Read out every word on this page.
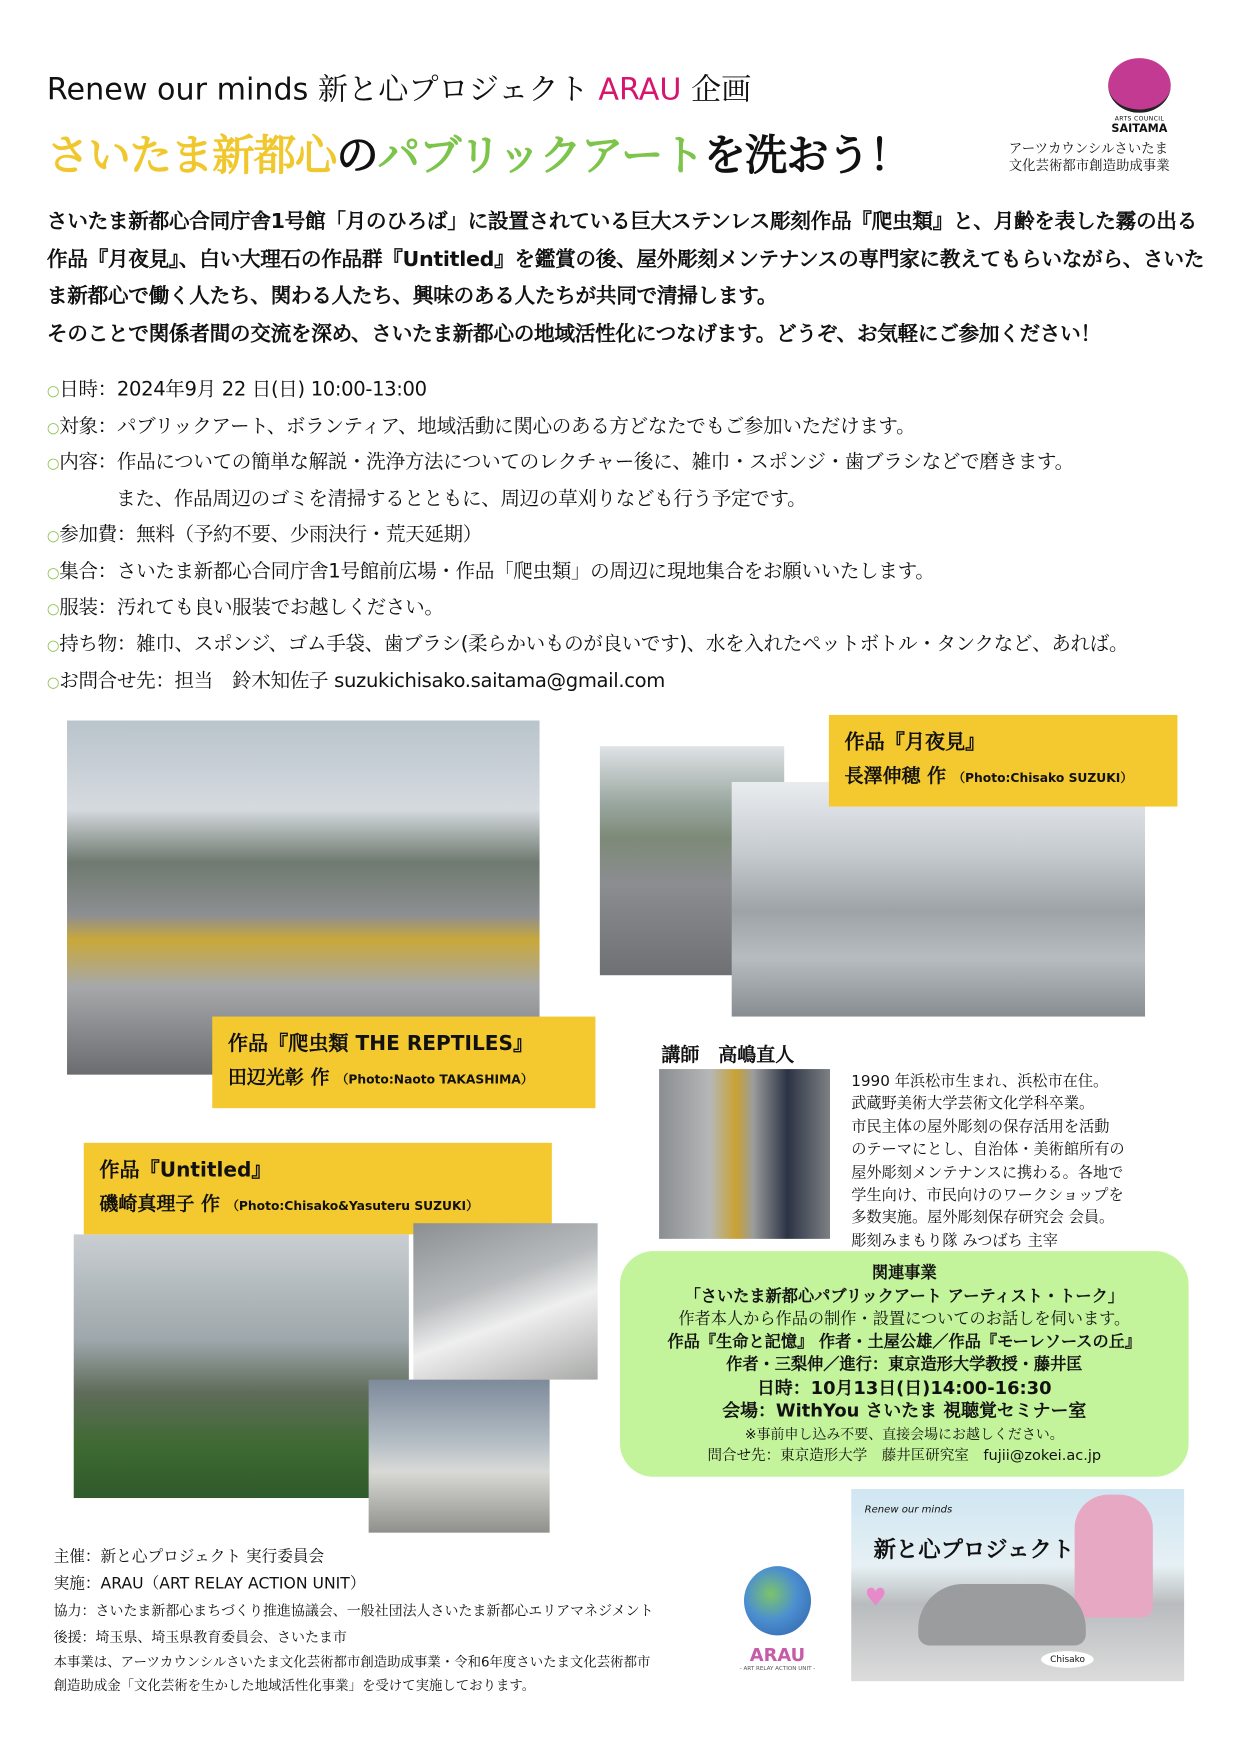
Renew our minds 新と心プロジェクト ARAU 企画
さいたま新都心のパブリックアートを洗おう！
ARTS COUNCIL
SAITAMA
アーツカウンシルさいたま
文化芸術都市創造助成事業
さいたま新都心合同庁舎1号館「月のひろば」に設置されている巨大ステンレス彫刻作品『爬虫類』と、月齢を表した霧の出る作品『月夜見』、白い大理石の作品群『Untitled』を鑑賞の後、屋外彫刻メンテナンスの専門家に教えてもらいながら、さいたま新都心で働く人たち、関わる人たち、興味のある人たちが共同で清掃します。
そのことで関係者間の交流を深め、さいたま新都心の地域活性化につなげます。どうぞ、お気軽にご参加ください！
○日時：2024年9月 22 日(日) 10:00-13:00
○対象：パブリックアート、ボランティア、地域活動に関心のある方どなたでもご参加いただけます。
○内容：作品についての簡単な解説・洗浄方法についてのレクチャー後に、雑巾・スポンジ・歯ブラシなどで磨きます。
また、作品周辺のゴミを清掃するとともに、周辺の草刈りなども行う予定です。
○参加費：無料（予約不要、少雨決行・荒天延期）
○集合：さいたま新都心合同庁舎1号館前広場・作品「爬虫類」の周辺に現地集合をお願いいたします。
○服装：汚れても良い服装でお越しください。
○持ち物：雑巾、スポンジ、ゴム手袋、歯ブラシ(柔らかいものが良いです)、水を入れたペットボトル・タンクなど、あれば。
○お問合せ先：担当　鈴木知佐子 suzukichisako.saitama@gmail.com
作品『爬虫類 THE REPTILES』
田辺光彰 作 （Photo:Naoto TAKASHIMA）
作品『月夜見』
長澤伸穂 作 （Photo:Chisako SUZUKI）
講師　高嶋直人
1990 年浜松市生まれ、浜松市在住。
武蔵野美術大学芸術文化学科卒業。
市民主体の屋外彫刻の保存活用を活動
のテーマにとし、自治体・美術館所有の
屋外彫刻メンテナンスに携わる。各地で
学生向け、市民向けのワークショップを
多数実施。屋外彫刻保存研究会 会員。
彫刻みまもり隊 みつばち 主宰
作品『Untitled』
磯崎真理子 作 （Photo:Chisako&Yasuteru SUZUKI）
関連事業
「さいたま新都心パブリックアート アーティスト・トーク」
作者本人から作品の制作・設置についてのお話しを伺います。
作品『生命と記憶』 作者・土屋公雄／作品『モーレソースの丘』
作者・三梨伸／進行：東京造形大学教授・藤井匡
日時：10月13日(日)14:00-16:30
会場：WithYou さいたま 視聴覚セミナー室
※事前申し込み不要、直接会場にお越しください。
問合せ先：東京造形大学　藤井匡研究室　fujii@zokei.ac.jp
主催：新と心プロジェクト 実行委員会
実施：ARAU（ART RELAY ACTION UNIT）
協力：さいたま新都心まちづくり推進協議会、一般社団法人さいたま新都心エリアマネジメント
後援：埼玉県、埼玉県教育委員会、さいたま市
本事業は、アーツカウンシルさいたま文化芸術都市創造助成事業・令和6年度さいたま文化芸術都市
創造助成金「文化芸術を生かした地域活性化事業」を受けて実施しております。
ARAU
- ART RELAY ACTION UNIT -
Renew our minds
新と心プロジェクト
♥
Chisako
